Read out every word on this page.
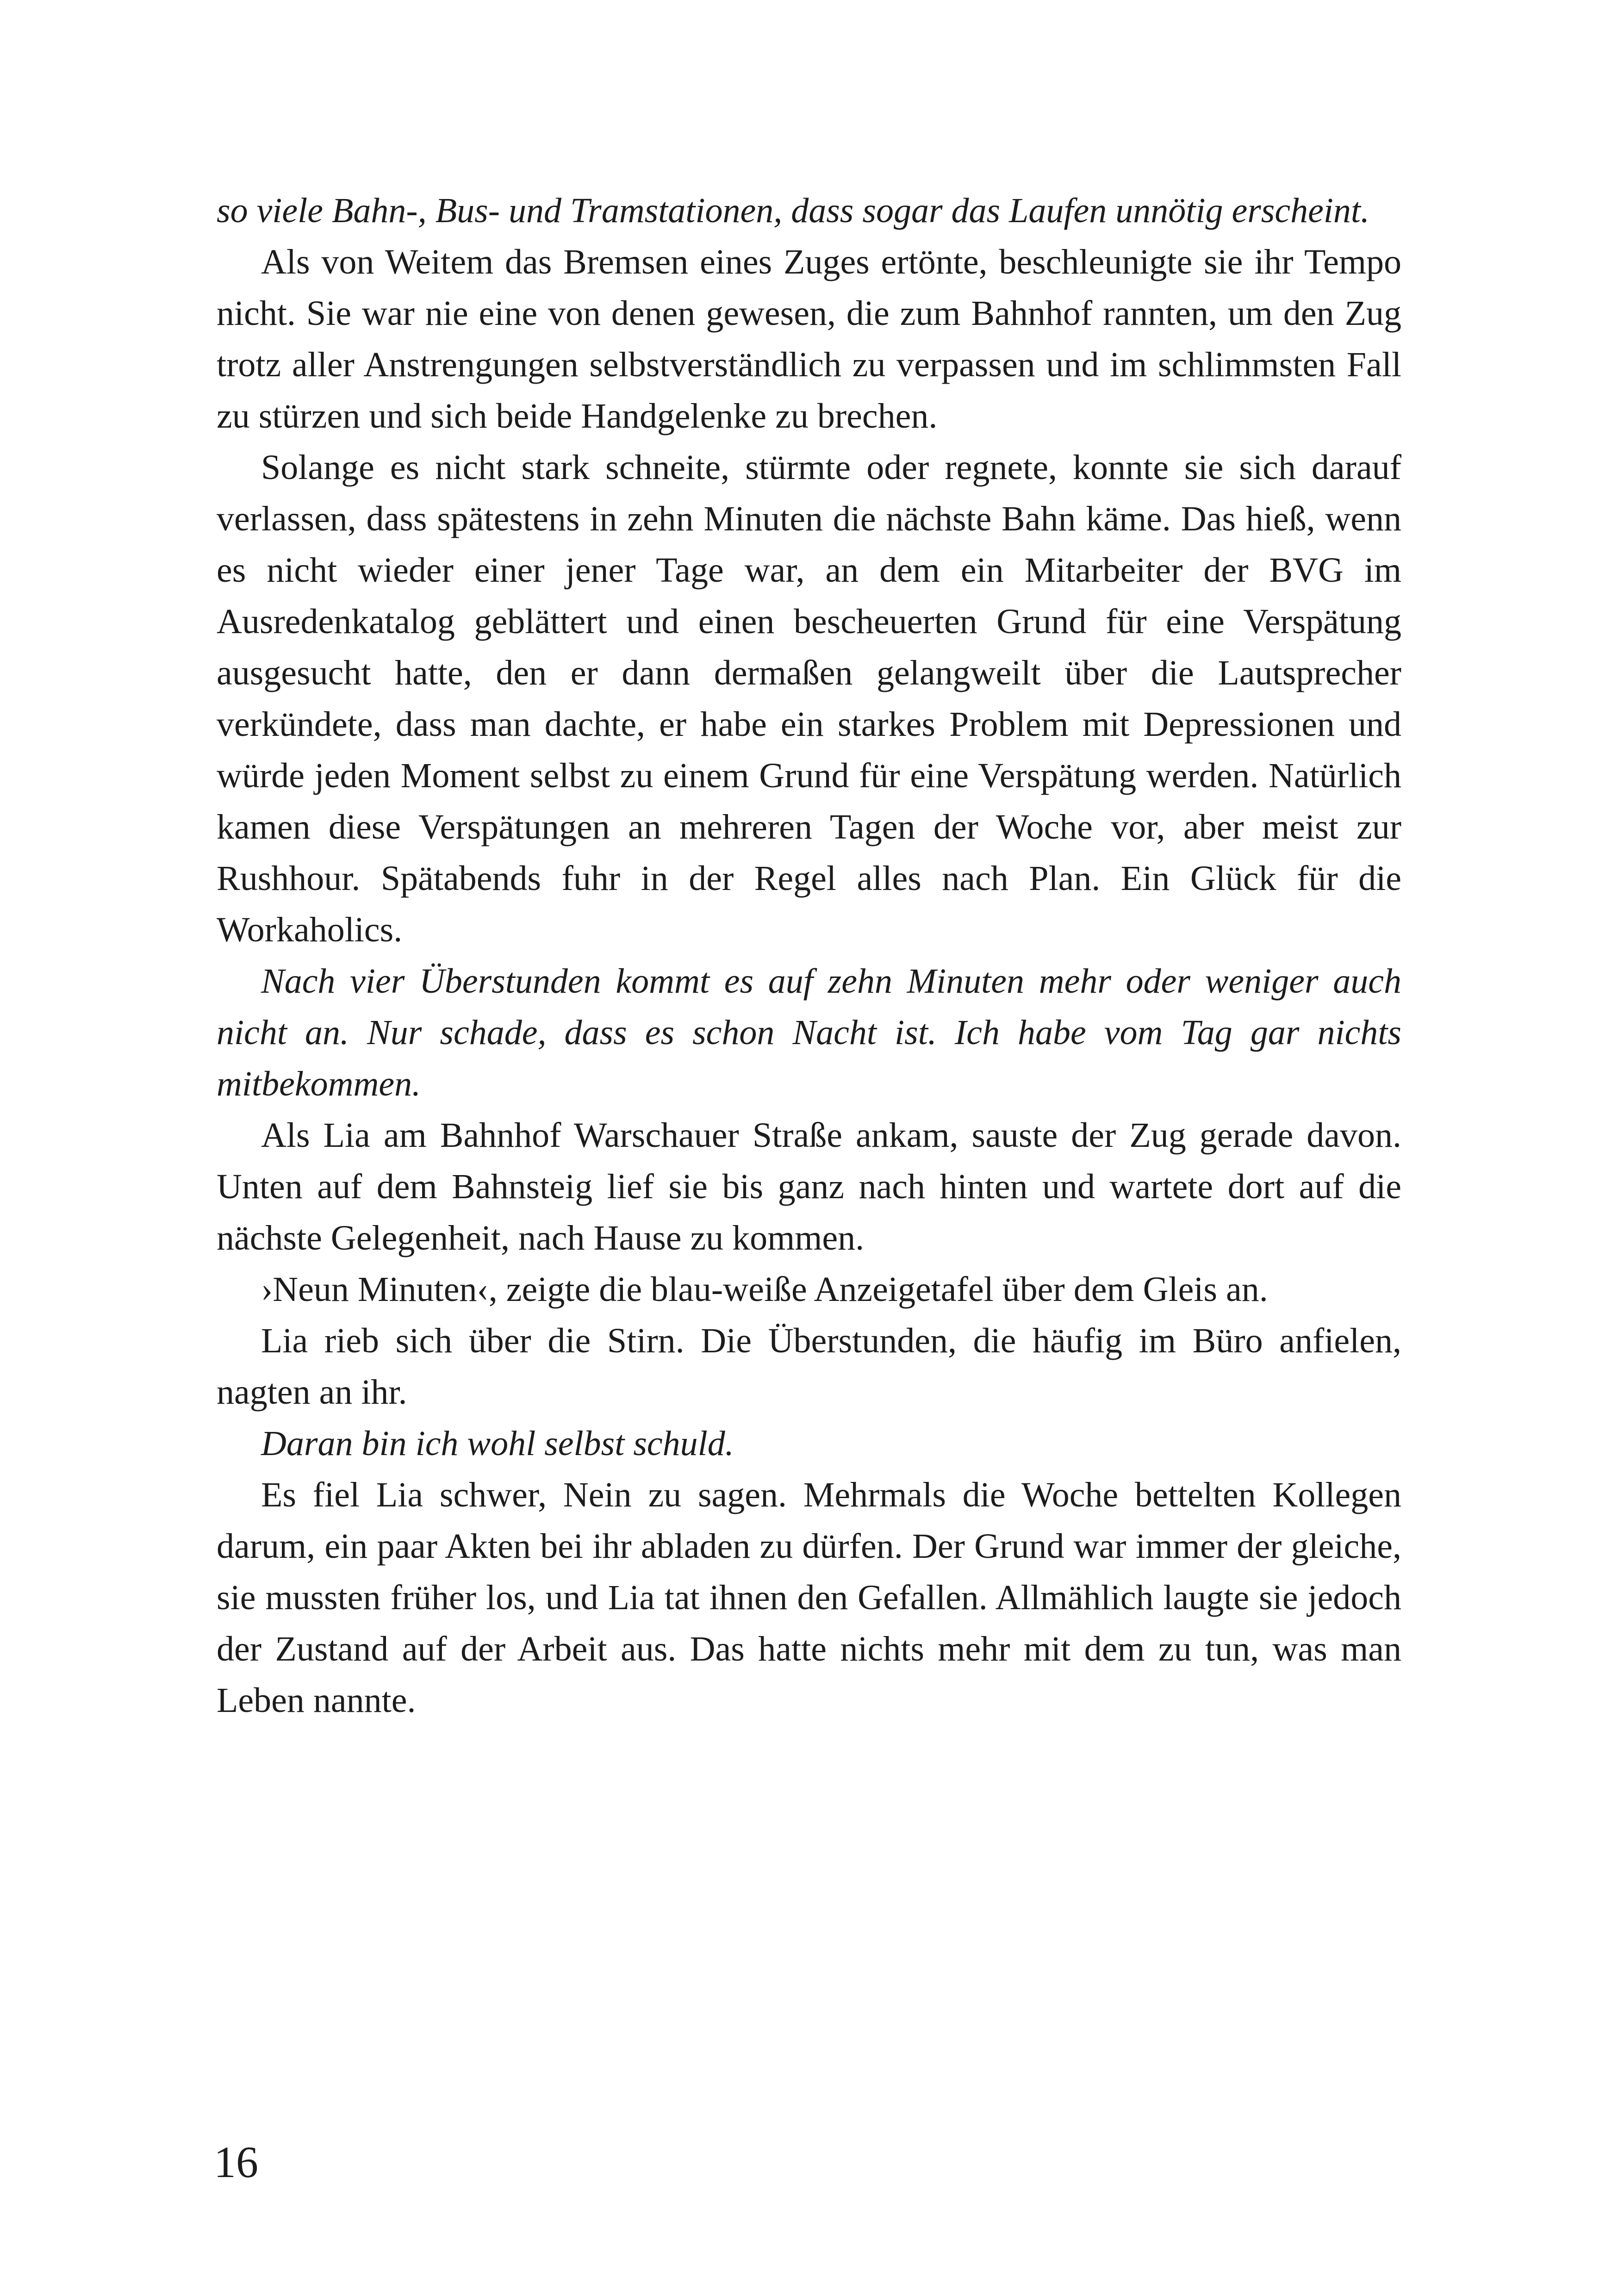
so viele Bahn-, Bus- und Tramstationen, dass sogar das Laufen unnötig erscheint.

Als von Weitem das Bremsen eines Zuges ertönte, beschleunigte sie ihr Tempo nicht. Sie war nie eine von denen gewesen, die zum Bahnhof rannten, um den Zug trotz aller Anstrengungen selbstverständlich zu verpassen und im schlimmsten Fall zu stürzen und sich beide Handgelenke zu brechen.

Solange es nicht stark schneite, stürmte oder regnete, konnte sie sich darauf verlassen, dass spätestens in zehn Minuten die nächste Bahn käme. Das hieß, wenn es nicht wieder einer jener Tage war, an dem ein Mitarbeiter der BVG im Ausredenkatalog geblättert und einen bescheuerten Grund für eine Verspätung ausgesucht hatte, den er dann dermaßen gelangweilt über die Lautsprecher verkündete, dass man dachte, er habe ein starkes Problem mit Depressionen und würde jeden Moment selbst zu einem Grund für eine Verspätung werden. Natürlich kamen diese Verspätungen an mehreren Tagen der Woche vor, aber meist zur Rushhour. Spätabends fuhr in der Regel alles nach Plan. Ein Glück für die Workaholics.

Nach vier Überstunden kommt es auf zehn Minuten mehr oder weniger auch nicht an. Nur schade, dass es schon Nacht ist. Ich habe vom Tag gar nichts mitbekommen.

Als Lia am Bahnhof Warschauer Straße ankam, sauste der Zug gerade davon. Unten auf dem Bahnsteig lief sie bis ganz nach hinten und wartete dort auf die nächste Gelegenheit, nach Hause zu kommen.

›Neun Minuten‹, zeigte die blau-weiße Anzeigetafel über dem Gleis an.

Lia rieb sich über die Stirn. Die Überstunden, die häufig im Büro anfielen, nagten an ihr.

Daran bin ich wohl selbst schuld.

Es fiel Lia schwer, Nein zu sagen. Mehrmals die Woche bettelten Kollegen darum, ein paar Akten bei ihr abladen zu dürfen. Der Grund war immer der gleiche, sie mussten früher los, und Lia tat ihnen den Gefallen. Allmählich laugte sie jedoch der Zustand auf der Arbeit aus. Das hatte nichts mehr mit dem zu tun, was man Leben nannte.

16
